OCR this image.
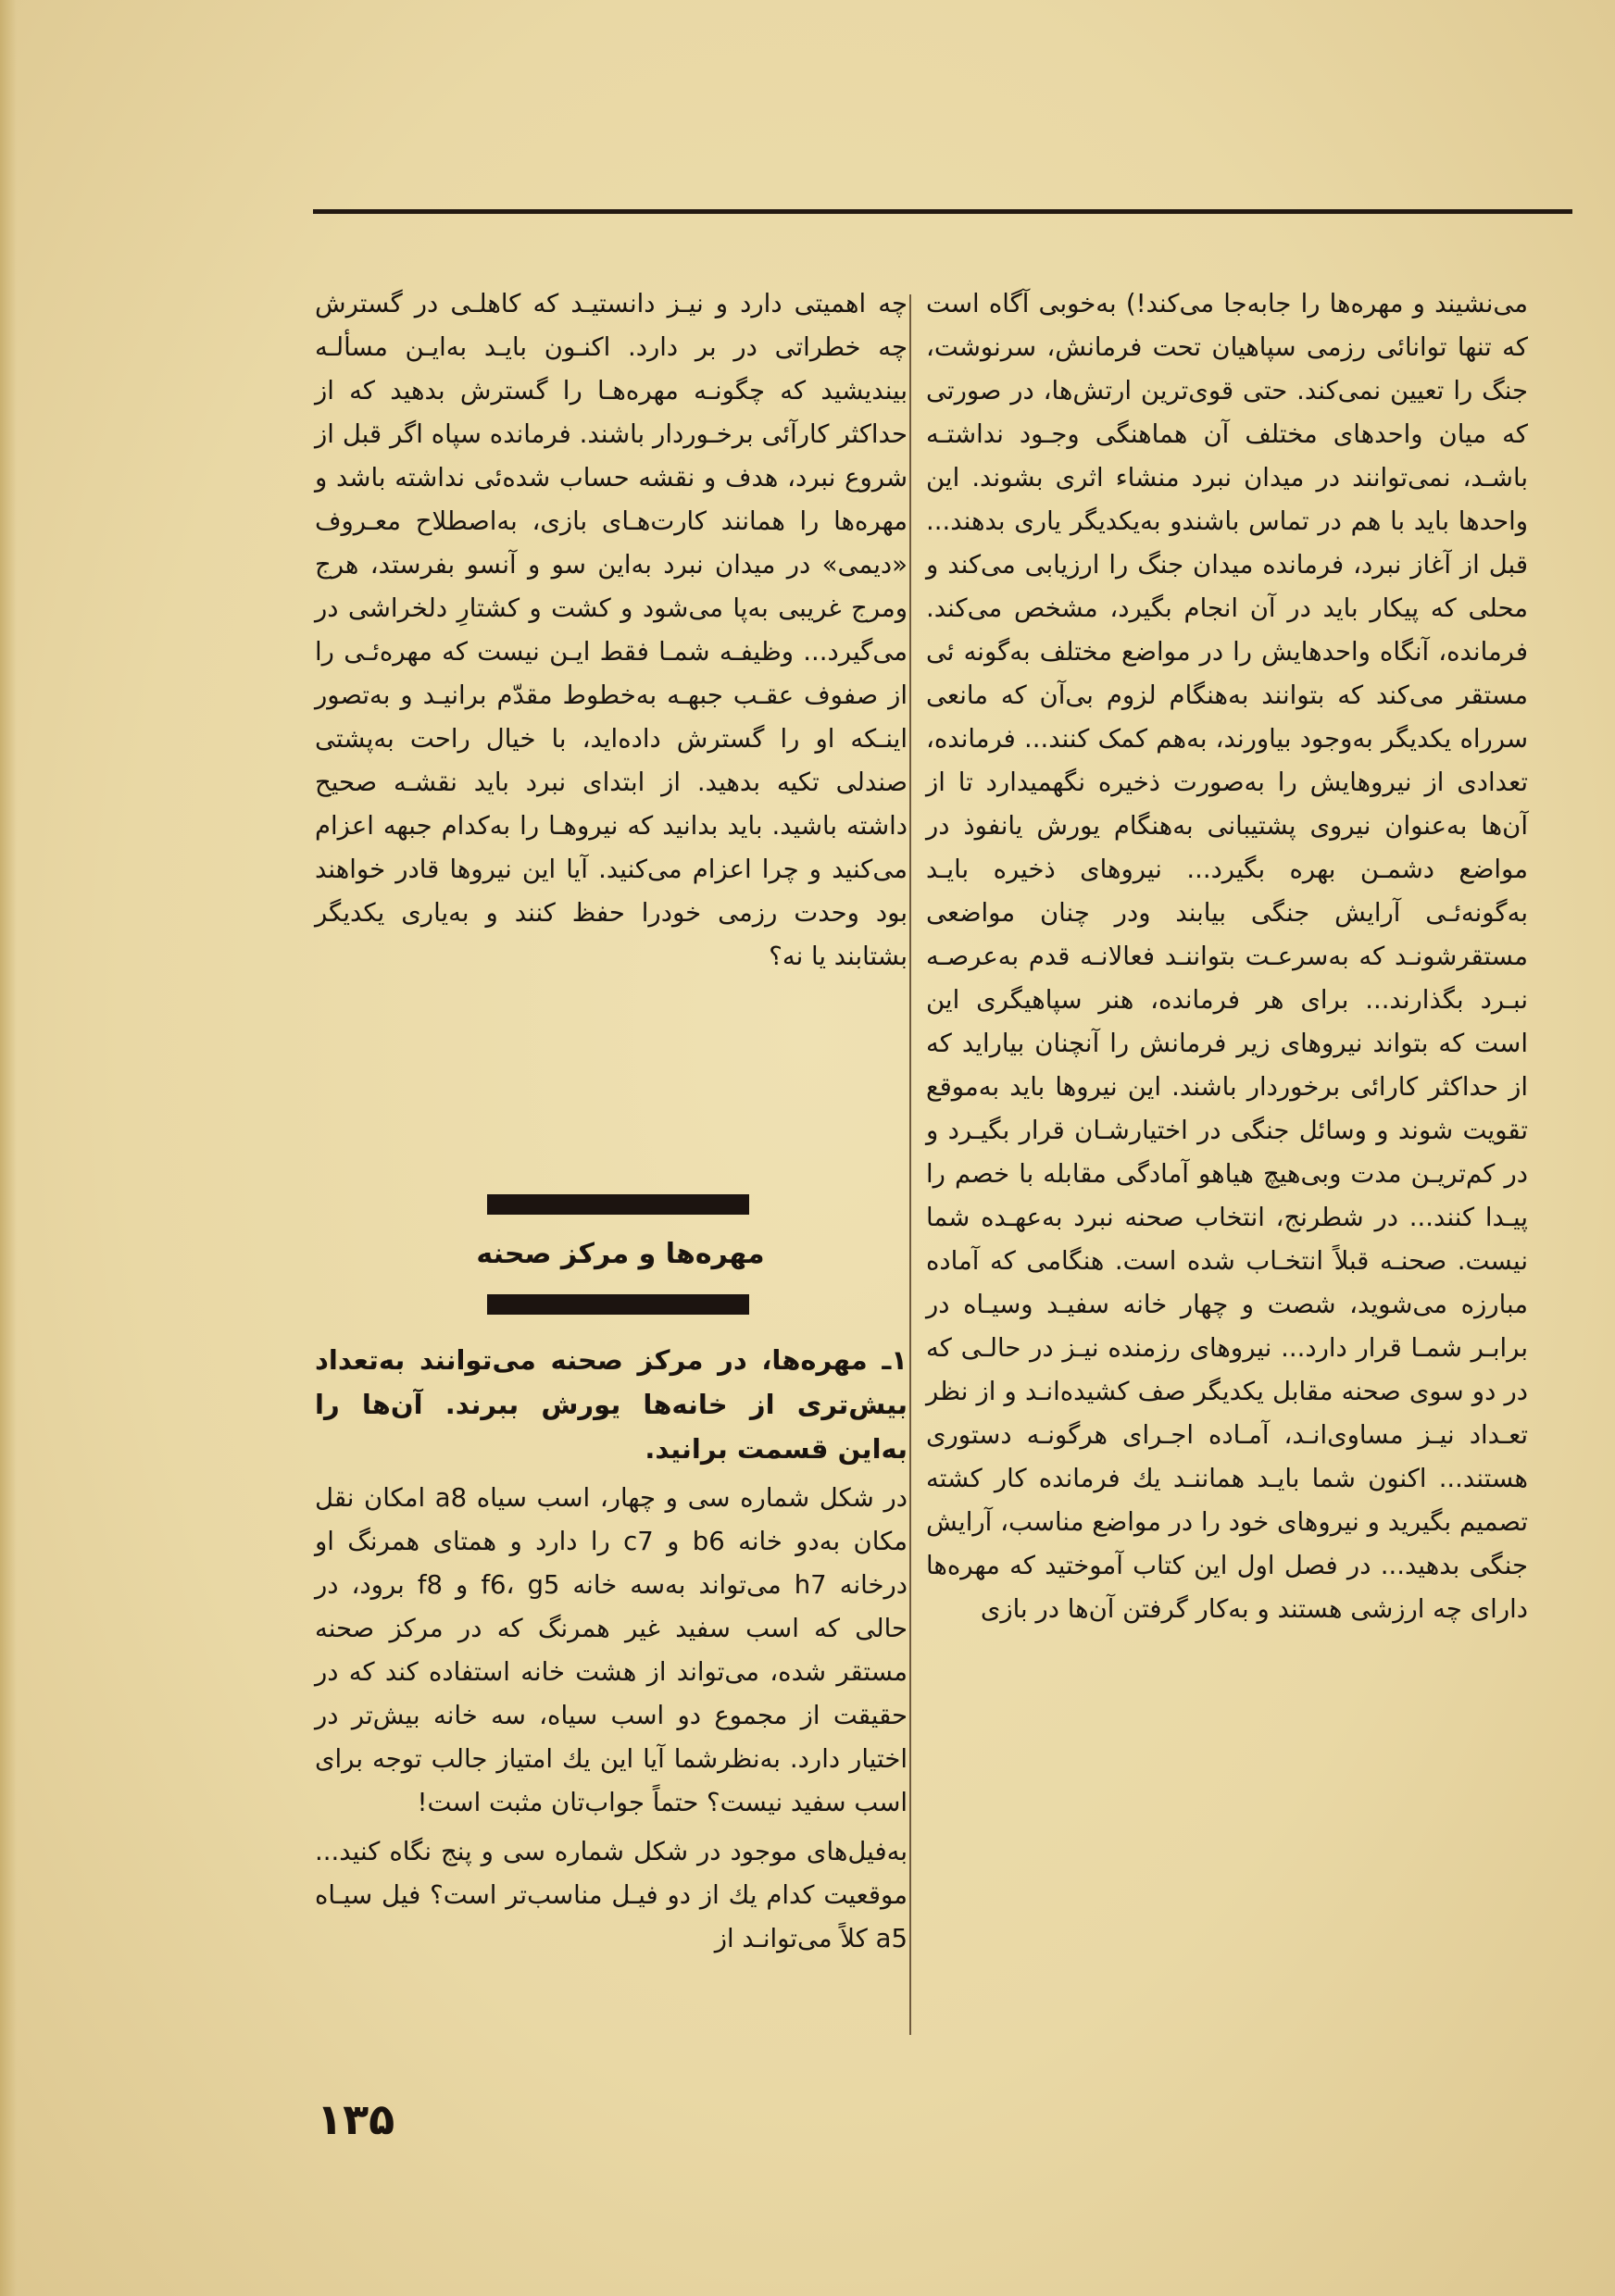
می‌نشیند و مهره‌ها را جابه‌جا می‌کند!) به‌خوبی آگاه است که تنها توانائی رزمی سپاهیان تحت فرمانش، سرنوشت، جنگ را تعیین نمی‌کند. حتی قوی‌ترین ارتش‌ها، در صورتی که میان واحدهای مختلف آن هماهنگی وجـود نداشتـه باشـد، نمی‌توانند در میدان نبرد منشاء اثری بشوند. این واحدها باید با هم در تماس باشندو به‌یکدیگر یاری بدهند... قبل از آغاز نبرد، فرمانده میدان جنگ را ارزیابی می‌کند و محلی که پیکار باید در آن انجام بگیرد، مشخص می‌کند. فرمانده، آنگاه واحدهایش را در مواضع مختلف به‌گونه ئی مستقر می‌کند که بتوانند به‌هنگام لزوم بی‌آن که مانعی سرراه یکدیگر به‌وجود بیاورند، به‌هم کمک کنند... فرمانده، تعدادی از نیروهایش را به‌صورت ذخیره نگهمیدارد تا از آن‌ها به‌عنوان نیروی پشتیبانی به‌هنگام یورش یانفوذ در مواضع دشمـن بهره بگیرد... نیروهای ذخیره بایـد به‌گونه‌ئـی آرایش جنگی بیابند ودر چنان مواضعی مستقرشونـد که به‌سرعـت بتواننـد فعالانـه قدم به‌عرصـه نبـرد بگذارند... برای هر فرمانده، هنر سپاهیگری این است که بتواند نیروهای زیر فرمانش را آنچنان بیاراید که از حداکثر کارائی برخوردار باشند. این نیروها باید به‌موقع تقویت شوند و وسائل جنگی در اختیارشـان قرار بگیـرد و در کم‌تریـن مدت وبی‌هیچ هیاهو آمادگی مقابله با خصم را پیـدا کنند... در شطرنج، انتخاب صحنه نبرد به‌عهـده شما نیست. صحنـه قبلاً انتخـاب شده است. هنگامی که آماده مبارزه می‌شوید، شصت و چهار خانه سفیـد وسیـاه در برابـر شمـا قرار دارد... نیروهای رزمنده نیـز در حالـی که در دو سوی صحنه مقابل یکدیگر صف کشیده‌انـد و از نظر تعـداد نیـز مساوی‌انـد، آمـاده اجـرای هرگونـه دستوری هستند... اکنون شما بایـد هماننـد یك فرمانده کار کشته تصمیم بگیرید و نیروهای خود را در مواضع مناسب، آرایش جنگی بدهید... در فصل اول این کتاب آموختید که مهره‌ها دارای چه ارزشی هستند و به‌کار گرفتن آن‌ها در بازی

چه اهمیتی دارد و نیـز دانستیـد که کاهلـی در گسترش چه خطراتی در بر دارد. اکنـون بایـد به‌ایـن مسألـه بیندیشید که چگونـه مهره‌هـا را گسترش بدهید که از حداکثر کارآئی برخـوردار باشند. فرمانده سپاه اگر قبل از شروع نبرد، هدف و نقشه حساب شده‌ئی نداشته باشد و مهره‌ها را همانند کارت‌هـای بازی، به‌اصطلاح معـروف «دیمی» در میدان نبرد به‌این سو و آنسو بفرستد، هرج ومرج غریبی به‌پا می‌شود و کشت و کشتارِ دلخراشی در می‌گیرد... وظیفـه شمـا فقط ایـن نیست که مهره‌ئـی را از صفوف عقـب جبهـه به‌خطوط مقدّم برانیـد و به‌تصور اینـکه او را گسترش داده‌اید، با خیال راحت به‌پشتی صندلی تکیه بدهید. از ابتدای نبرد باید نقشـه صحیح داشته باشید. باید بدانید که نیروهـا را به‌کدام جبهه اعزام می‌کنید و چرا اعزام می‌کنید. آیا این نیروها قادر خواهند بود وحدت رزمی خودرا حفظ کنند و به‌یاری یکدیگر بشتابند یا نه؟

مهره‌ها و مرکز صحنه

۱ـ مهره‌ها، در مرکز صحنه می‌توانند به‌تعداد بیش‌تری از خانه‌ها یورش ببرند. آن‌ها را به‌این قسمت برانید.

در شکل شماره سی و چهار، اسب سیاه a8 امکان نقل مکان به‌دو خانه b6 و c7 را دارد و همتای همرنگ او درخانه h7 می‌تواند به‌سه خانه f6، g5 و f8 برود، در حالی که اسب سفید غیر همرنگ که در مرکز صحنه مستقر شده، می‌تواند از هشت خانه استفاده کند که در حقیقت از مجموع دو اسب سیاه، سه خانه بیش‌تر در اختیار دارد. به‌نظرشما آیا این یك امتیاز جالب توجه برای اسب سفید نیست؟ حتماً جواب‌تان مثبت است!

به‌فیل‌های موجود در شکل شماره سی و پنج نگاه کنید... موقعیت کدام یك از دو فیـل مناسب‌تر است؟ فیل سیـاه a5 کلاً می‌توانـد از

۱۳۵
